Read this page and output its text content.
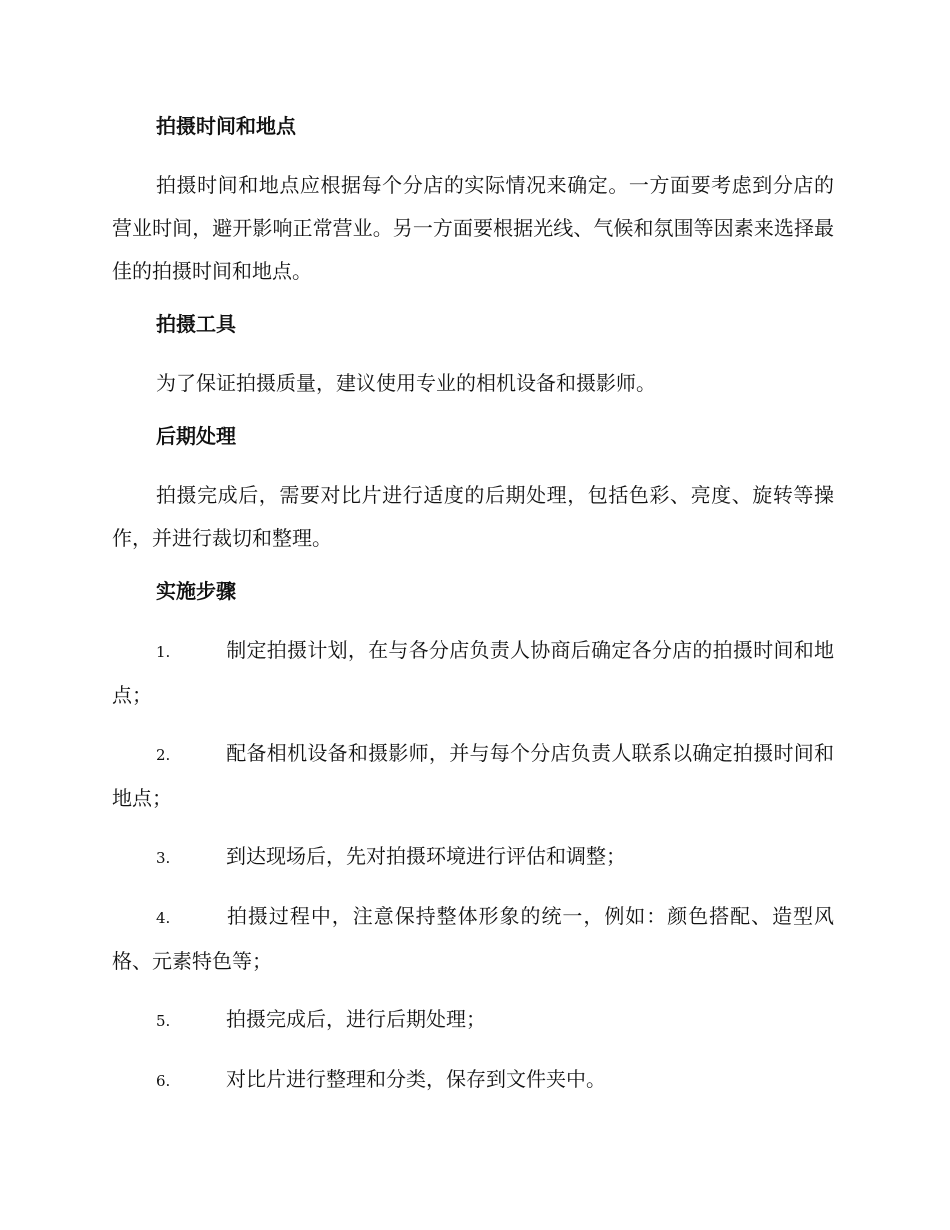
拍摄时间和地点

拍摄时间和地点应根据每个分店的实际情况来确定。一方面要考虑到分店的营业时间，避开影响正常营业。另一方面要根据光线、气候和氛围等因素来选择最佳的拍摄时间和地点。

拍摄工具

为了保证拍摄质量，建议使用专业的相机设备和摄影师。

后期处理

拍摄完成后，需要对比片进行适度的后期处理，包括色彩、亮度、旋转等操作，并进行裁切和整理。

实施步骤
1.	制定拍摄计划，在与各分店负责人协商后确定各分店的拍摄时间和地点；
2.	配备相机设备和摄影师，并与每个分店负责人联系以确定拍摄时间和地点；
3.	到达现场后，先对拍摄环境进行评估和调整；
4.	拍摄过程中，注意保持整体形象的统一，例如：颜色搭配、造型风格、元素特色等；
5.	拍摄完成后，进行后期处理；
6.	对比片进行整理和分类，保存到文件夹中。
